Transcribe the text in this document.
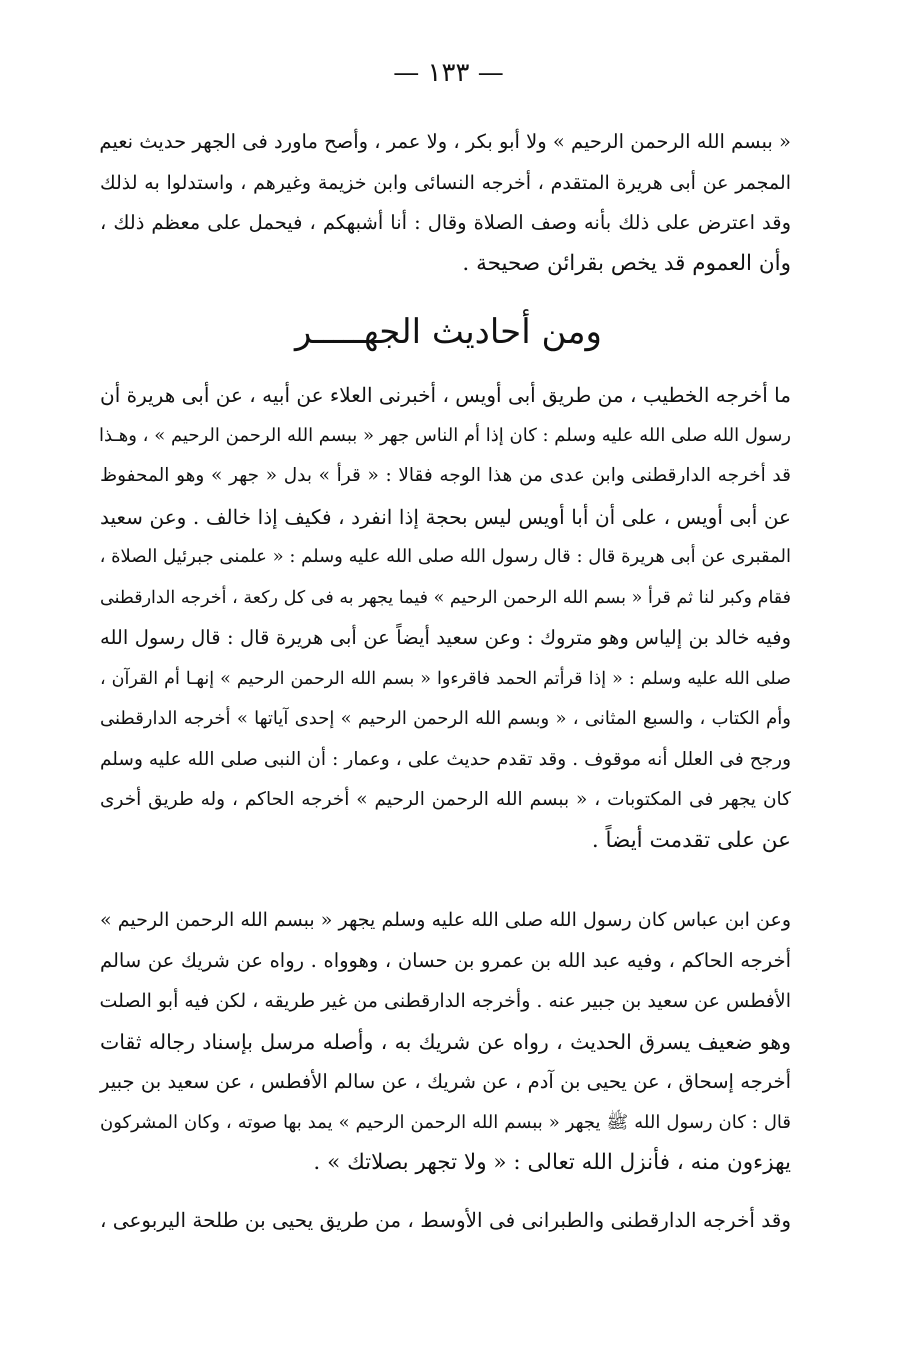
— ١٣٣ —
« ببسم الله الرحمن الرحيم » ولا أبو بكر ، ولا عمر ، وأصح ماورد فى الجهر حديث نعيم
المجمر عن أبى هريرة المتقدم ، أخرجه النسائى وابن خزيمة وغيرهم ، واستدلوا به لذلك
وقد اعترض على ذلك بأنه وصف الصلاة وقال : أنا أشبهكم ، فيحمل على معظم ذلك ،
وأن العموم قد يخص بقرائن صحيحة .
ومن أحاديث الجهـــــر
ما أخرجه الخطيب ، من طريق أبى أويس ، أخبرنى العلاء عن أبيه ، عن أبى هريرة أن
رسول الله صلى الله عليه وسلم : كان إذا أم الناس جهر « ببسم الله الرحمن الرحيم » ، وهـذا
قد أخرجه الدارقطنى وابن عدى من هذا الوجه فقالا : « قرأ » بدل « جهر » وهو المحفوظ
عن أبى أويس ، على أن أبا أويس ليس بحجة إذا انفرد ، فكيف إذا خالف . وعن سعيد
المقبرى عن أبى هريرة قال : قال رسول الله صلى الله عليه وسلم : « علمنى جبرئيل الصلاة ،
فقام وكبر لنا ثم قرأ « بسم الله الرحمن الرحيم » فيما يجهر به فى كل ركعة ، أخرجه الدارقطنى
وفيه خالد بن إلياس وهو متروك : وعن سعيد أيضاً عن أبى هريرة قال : قال رسول الله
صلى الله عليه وسلم : « إذا قرأتم الحمد فاقرءوا « بسم الله الرحمن الرحيم » إنهـا أم القرآن ،
وأم الكتاب ، والسبع المثانى ، « وبسم الله الرحمن الرحيم » إحدى آياتها » أخرجه الدارقطنى
ورجح فى العلل أنه موقوف . وقد تقدم حديث على ، وعمار : أن النبى صلى الله عليه وسلم
كان يجهر فى المكتوبات ، « ببسم الله الرحمن الرحيم » أخرجه الحاكم ، وله طريق أخرى
عن على تقدمت أيضاً .
وعن ابن عباس كان رسول الله صلى الله عليه وسلم يجهر « ببسم الله الرحمن الرحيم »
أخرجه الحاكم ، وفيه عبد الله بن عمرو بن حسان ، وهوواه . رواه عن شريك عن سالم
الأفطس عن سعيد بن جبير عنه . وأخرجه الدارقطنى من غير طريقه ، لكن فيه أبو الصلت
وهو ضعيف يسرق الحديث ، رواه عن شريك به ، وأصله مرسل بإسناد رجاله ثقات
أخرجه إسحاق ، عن يحيى بن آدم ، عن شريك ، عن سالم الأفطس ، عن سعيد بن جبير
قال : كان رسول الله ﷺ يجهر « ببسم الله الرحمن الرحيم » يمد بها صوته ، وكان المشركون
يهزءون منه ، فأنزل الله تعالى : « ولا تجهر بصلاتك » .
وقد أخرجه الدارقطنى والطبرانى فى الأوسط ، من طريق يحيى بن طلحة اليربوعى ،
